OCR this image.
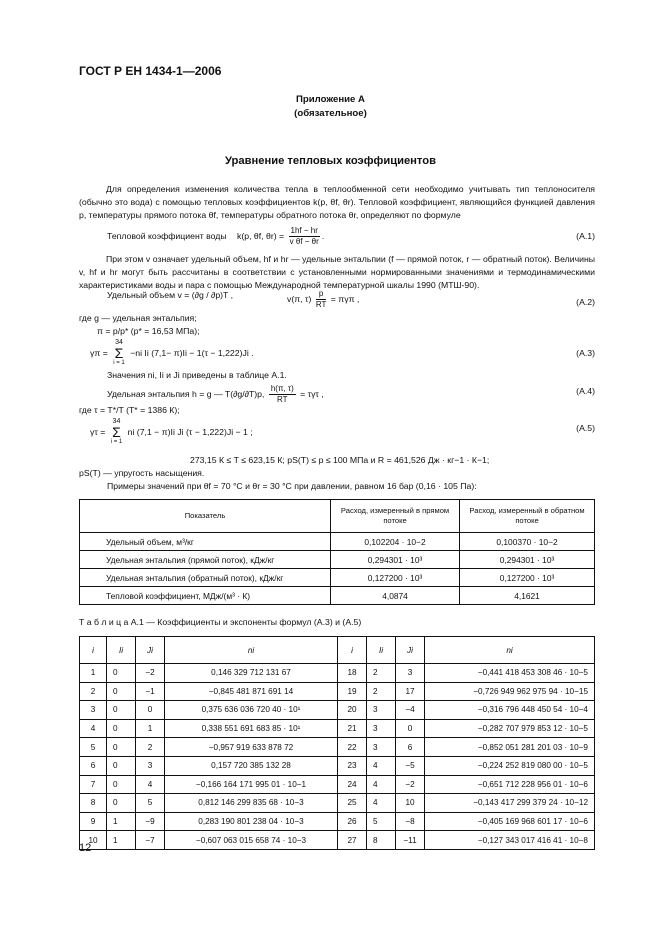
ГОСТ Р ЕН 1434-1—2006
Приложение А
(обязательное)
Уравнение тепловых коэффициентов
Для определения изменения количества тепла в теплообменной сети необходимо учитывать тип теплоносителя (обычно это вода) с помощью тепловых коэффициентов k(p, θf, θr). Тепловой коэффициент, являющийся функцией давления p, температуры прямого потока θf, температуры обратного потока θr, определяют по формуле
Тепловой коэффициент воды k(p, θf, $\theta r) = \frac{1hf - hr}{\text{v θf − θr}}$ .	(А.1)
При этом v означает удельный объем, hf и hr — удельные энтальпии (f — прямой поток, r — обратный поток). Величины v, hf и hr могут быть рассчитаны в соответствии с установленными нормированными значениями и термодинамическими характеристиками воды и пара с помощью Международной температурной шкалы 1990 (МТШ-90).
Удельный объем v = (∂g / ∂p)T ,	v(π, $\tau) \frac{p}{RT} = \pi\gamma\pi$ ,	(А.2)
где g — удельная энтальпия;
π = p/p* (p* = 16,53 МПа);
γπ =
34
Σ
i = 1
−ni Ii (7,1− π)Ii − 1(τ − 1,222)Ji .	(А.3)
Значения ni, Ii и Ji приведены в таблице А.1.
Удельная энтальпия h = g — T(∂g/∂T)p, $\frac{h(\pi, \tau)}{RT} = \tau\gamma\tau$ ,	(А.4)
где τ = T*/T (T* = 1386 К);
γτ =
34
Σ
i = 1
ni (7,1 − π)Ii Ji (τ − 1,222)Ji − 1 ;	(А.5)
273,15 К ≤ T ≤ 623,15 К; pS(T) ≤ p ≤ 100 МПа и R = 461,526 Дж · кг−1 · К−1;
pS(T) — упругость насыщения.
Примеры значений при θf = 70 °С и θr = 30 °С при давлении, равном 16 бар (0,16 · 105 Па):
Показатель	Расход, измеренный в прямом потоке	Расход, измеренный в обратном потоке
Удельный объем, м³/кг	0,102204 · 10−2	0,100370 · 10−2
Удельная энтальпия (прямой поток), кДж/кг	0,294301 · 10³	0,294301 · 10³
Удельная энтальпия (обратный поток), кДж/кг	0,127200 · 10³	0,127200 · 10³
Тепловой коэффициент, МДж/(м³ · К)	4,0874	4,1621
Т а б л и ц а А.1 — Коэффициенты и экспоненты формул (А.3) и (А.5)
i	Ii	Ji	ni	i	Ii	Ji	ni
1	0	−2	0,146 329 712 131 67	18	2	3	−0,441 418 453 308 46 · 10−5
2	0	−1	−0,845 481 871 691 14	19	2	17	−0,726 949 962 975 94 · 10−15
3	0	0	0,375 636 036 720 40 · 10¹	20	3	−4	−0,316 796 448 450 54 · 10−4
4	0	1	0,338 551 691 683 85 · 10¹	21	3	0	−0,282 707 979 853 12 · 10−5
5	0	2	−0,957 919 633 878 72	22	3	6	−0,852 051 281 201 03 · 10−9
6	0	3	0,157 720 385 132 28	23	4	−5	−0,224 252 819 080 00 · 10−5
7	0	4	−0,166 164 171 995 01 · 10−1	24	4	−2	−0,651 712 228 956 01 · 10−6
8	0	5	0,812 146 299 835 68 · 10−3	25	4	10	−0,143 417 299 379 24 · 10−12
9	1	−9	0,283 190 801 238 04 · 10−3	26	5	−8	−0,405 169 968 601 17 · 10−6
10	1	−7	−0,607 063 015 658 74 · 10−3	27	8	−11	−0,127 343 017 416 41 · 10−8
12
